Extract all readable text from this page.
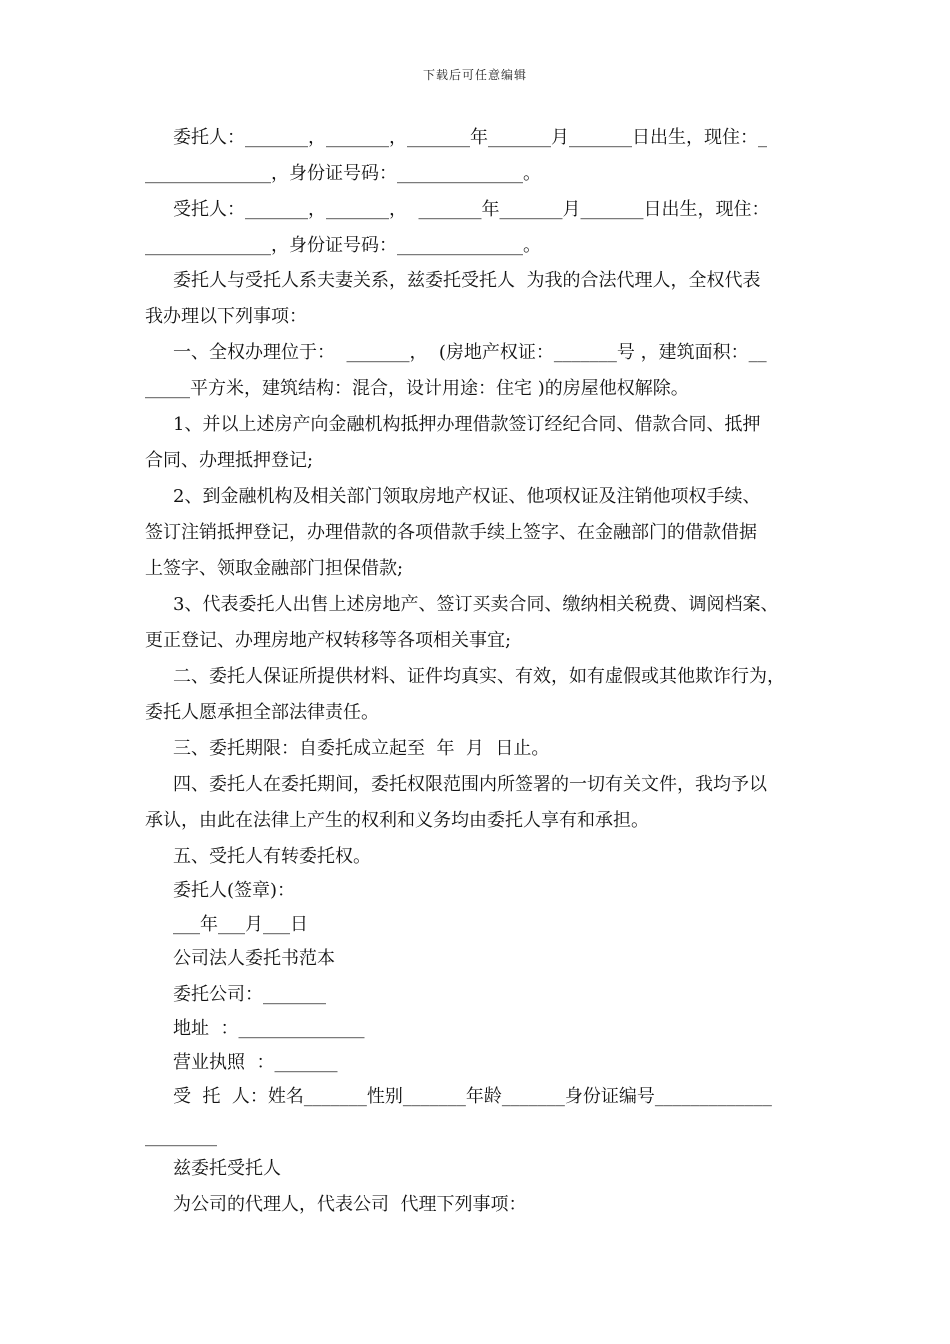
下载后可任意编辑
委托人：_______，_______，_______年_______月_______日出生，现住：_
______________，身份证号码：______________。
受托人：_______，_______，  _______年_______月_______日出生，现住：
______________，身份证号码：______________。
委托人与受托人系夫妻关系，兹委托受托人  为我的合法代理人，全权代表
我办理以下列事项：
一、全权办理位于：  _______，  (房地产权证：_______号 ，建筑面积：__
_____平方米，建筑结构：混合，设计用途：住宅 )的房屋他权解除。
1、并以上述房产向金融机构抵押办理借款签订经纪合同、借款合同、抵押
合同、办理抵押登记;
2、到金融机构及相关部门领取房地产权证、他项权证及注销他项权手续、
签订注销抵押登记，办理借款的各项借款手续上签字、在金融部门的借款借据
上签字、领取金融部门担保借款;
3、代表委托人出售上述房地产、签订买卖合同、缴纳相关税费、调阅档案、
更正登记、办理房地产权转移等各项相关事宜;
二、委托人保证所提供材料、证件均真实、有效，如有虚假或其他欺诈行为，
委托人愿承担全部法律责任。
三、委托期限：自委托成立起至  年  月  日止。
四、委托人在委托期间，委托权限范围内所签署的一切有关文件，我均予以
承认，由此在法律上产生的权利和义务均由委托人享有和承担。
五、受托人有转委托权。
委托人(签章)：
___年___月___日
公司法人委托书范本
委托公司：_______
地址  ：______________
营业执照  ：_______
受  托  人：姓名_______性别_______年龄_______身份证编号_____________
________
兹委托受托人
为公司的代理人，代表公司  代理下列事项：
